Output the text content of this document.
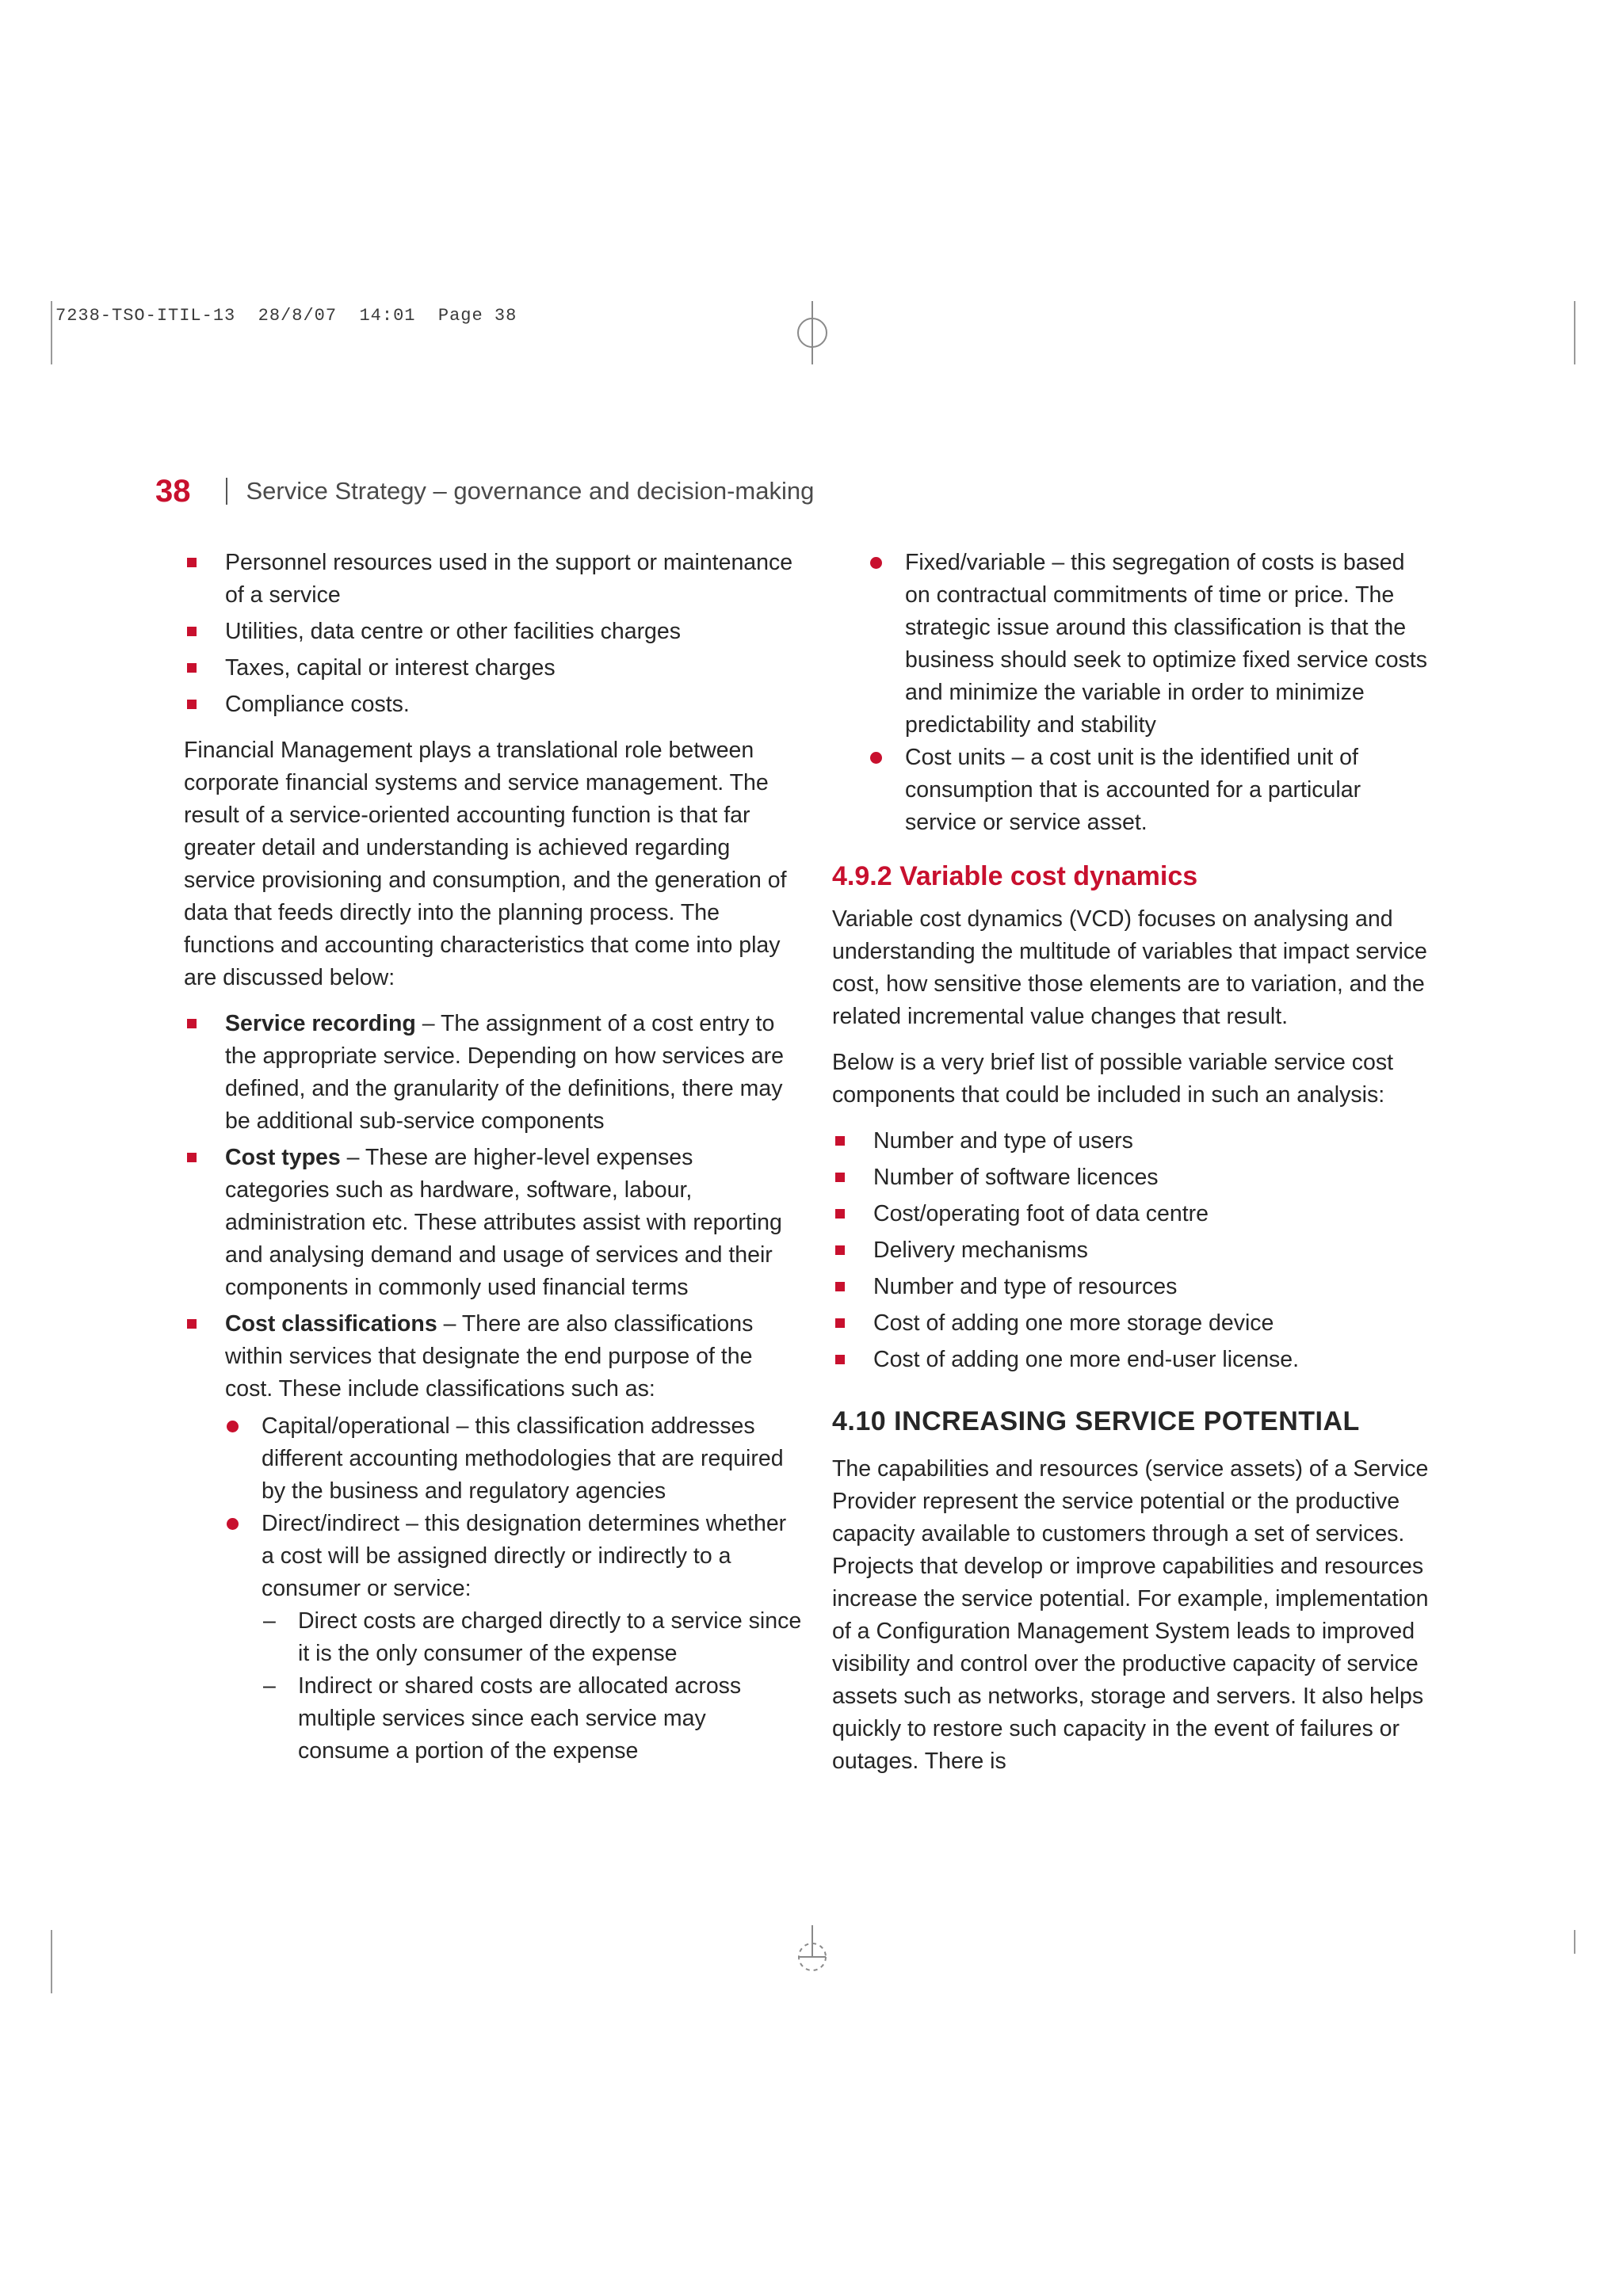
7238-TSO-ITIL-13  28/8/07  14:01  Page 38
38 Service Strategy – governance and decision-making
Personnel resources used in the support or maintenance of a service
Utilities, data centre or other facilities charges
Taxes, capital or interest charges
Compliance costs.

Financial Management plays a translational role between corporate financial systems and service management. The result of a service-oriented accounting function is that far greater detail and understanding is achieved regarding service provisioning and consumption, and the generation of data that feeds directly into the planning process. The functions and accounting characteristics that come into play are discussed below:

Service recording – The assignment of a cost entry to the appropriate service. Depending on how services are defined, and the granularity of the definitions, there may be additional sub-service components
Cost types – These are higher-level expenses categories such as hardware, software, labour, administration etc. These attributes assist with reporting and analysing demand and usage of services and their components in commonly used financial terms
Cost classifications – There are also classifications within services that designate the end purpose of the cost. These include classifications such as:
Capital/operational – this classification addresses different accounting methodologies that are required by the business and regulatory agencies
Direct/indirect – this designation determines whether a cost will be assigned directly or indirectly to a consumer or service:
– Direct costs are charged directly to a service since it is the only consumer of the expense
– Indirect or shared costs are allocated across multiple services since each service may consume a portion of the expense
Fixed/variable – this segregation of costs is based on contractual commitments of time or price. The strategic issue around this classification is that the business should seek to optimize fixed service costs and minimize the variable in order to minimize predictability and stability
Cost units – a cost unit is the identified unit of consumption that is accounted for a particular service or service asset.
4.9.2 Variable cost dynamics

Variable cost dynamics (VCD) focuses on analysing and understanding the multitude of variables that impact service cost, how sensitive those elements are to variation, and the related incremental value changes that result.

Below is a very brief list of possible variable service cost components that could be included in such an analysis:

Number and type of users
Number of software licences
Cost/operating foot of data centre
Delivery mechanisms
Number and type of resources
Cost of adding one more storage device
Cost of adding one more end-user license.
4.10 INCREASING SERVICE POTENTIAL

The capabilities and resources (service assets) of a Service Provider represent the service potential or the productive capacity available to customers through a set of services. Projects that develop or improve capabilities and resources increase the service potential. For example, implementation of a Configuration Management System leads to improved visibility and control over the productive capacity of service assets such as networks, storage and servers. It also helps quickly to restore such capacity in the event of failures or outages. There is
